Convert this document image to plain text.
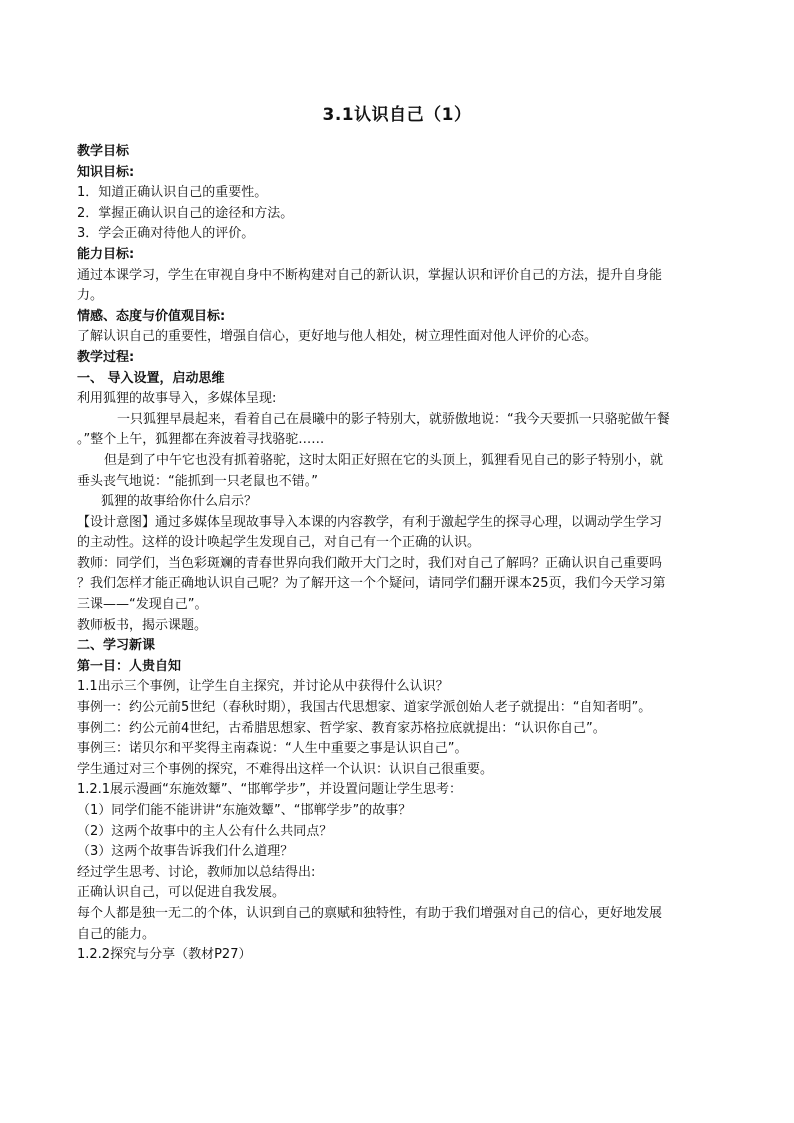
3.1认识自己（1）
教学目标
知识目标:
1．知道正确认识自己的重要性。
2．掌握正确认识自己的途径和方法。
3．学会正确对待他人的评价。
能力目标:
通过本课学习，学生在审视自身中不断构建对自己的新认识，掌握认识和评价自己的方法，提升自身能
力。
情感、态度与价值观目标:
了解认识自己的重要性，增强自信心，更好地与他人相处，树立理性面对他人评价的心态。
教学过程:
一、 导入设置，启动思维
利用狐狸的故事导入，多媒体呈现:
一只狐狸早晨起来，看着自己在晨曦中的影子特别大，就骄傲地说：“我今天要抓一只骆驼做午餐
。”整个上午，狐狸都在奔波着寻找骆驼……
但是到了中午它也没有抓着骆驼，这时太阳正好照在它的头顶上，狐狸看见自己的影子特别小，就
垂头丧气地说：“能抓到一只老鼠也不错。”
狐狸的故事给你什么启示？
【设计意图】通过多媒体呈现故事导入本课的内容教学，有利于激起学生的探寻心理，以调动学生学习
的主动性。这样的设计唤起学生发现自己，对自己有一个正确的认识。
教师：同学们，当色彩斑斓的青春世界向我们敞开大门之时，我们对自己了解吗？正确认识自己重要吗
？我们怎样才能正确地认识自己呢？为了解开这一个个疑问，请同学们翻开课本25页，我们今天学习第
三课——“发现自己”。
教师板书，揭示课题。
二、学习新课
第一目：人贵自知
1.1出示三个事例，让学生自主探究，并讨论从中获得什么认识？
事例一：约公元前5世纪（春秋时期），我国古代思想家、道家学派创始人老子就提出：“自知者明”。
事例二：约公元前4世纪，古希腊思想家、哲学家、教育家苏格拉底就提出：“认识你自己”。
事例三：诺贝尔和平奖得主南森说：“人生中重要之事是认识自己”。
学生通过对三个事例的探究，不难得出这样一个认识：认识自己很重要。
1.2.1展示漫画“东施效颦”、“邯郸学步”，并设置问题让学生思考：
（1）同学们能不能讲讲“东施效颦”、“邯郸学步”的故事？
（2）这两个故事中的主人公有什么共同点？
（3）这两个故事告诉我们什么道理？
经过学生思考、讨论，教师加以总结得出:
正确认识自己，可以促进自我发展。
每个人都是独一无二的个体，认识到自己的禀赋和独特性，有助于我们增强对自己的信心，更好地发展
自己的能力。
1.2.2探究与分享（教材P27）
